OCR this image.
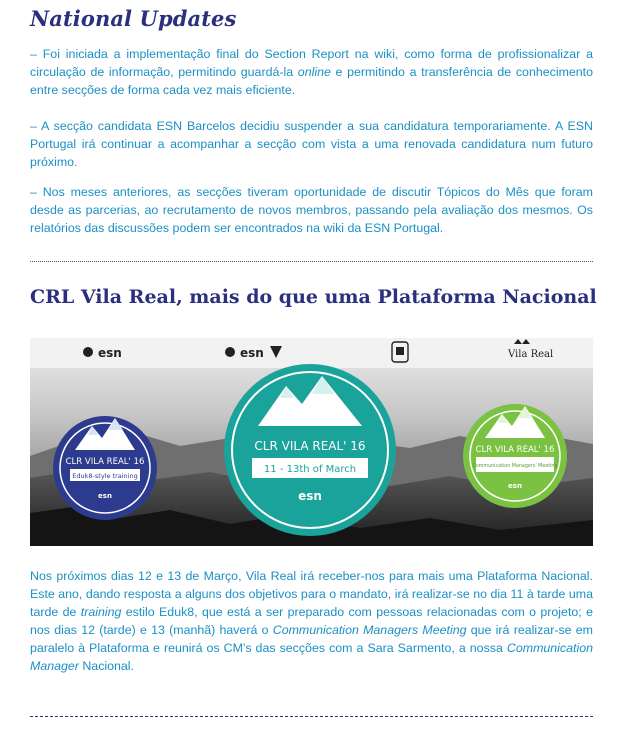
National Updates

– Foi iniciada a implementação final do Section Report na wiki, como forma de profissionalizar a circulação de informação, permitindo guardá-la online e permitindo a transferência de conhecimento entre secções de forma cada vez mais eficiente.

– A secção candidata ESN Barcelos decidiu suspender a sua candidatura temporariamente. A ESN Portugal irá continuar a acompanhar a secção com vista a uma renovada candidatura num futuro próximo.

– Nos meses anteriores, as secções tiveram oportunidade de discutir Tópicos do Mês que foram desde as parcerias, ao recrutamento de novos membros, passando pela avaliação dos mesmos. Os relatórios das discussões podem ser encontrados na wiki da ESN Portugal.

CRL Vila Real, mais do que uma Plataforma Nacional
esn	esn	Vila Real
CLR VILA REAL' 16
Eduk8-style training
esn
CLR VILA REAL' 16
11 - 13th of March
esn
CLR VILA REAL' 16
Communication Managers' Meeting
esn

Nos próximos dias 12 e 13 de Março, Vila Real irá receber-nos para mais uma Plataforma Nacional. Este ano, dando resposta a alguns dos objetivos para o mandato, irá realizar-se no dia 11 à tarde uma tarde de training estilo Eduk8, que está a ser preparado com pessoas relacionadas com o projeto; e nos dias 12 (tarde) e 13 (manhã) haverá o Communication Managers Meeting que irá realizar-se em paralelo à Plataforma e reunirá os CM's das secções com a Sara Sarmento, a nossa Communication Manager Nacional.
